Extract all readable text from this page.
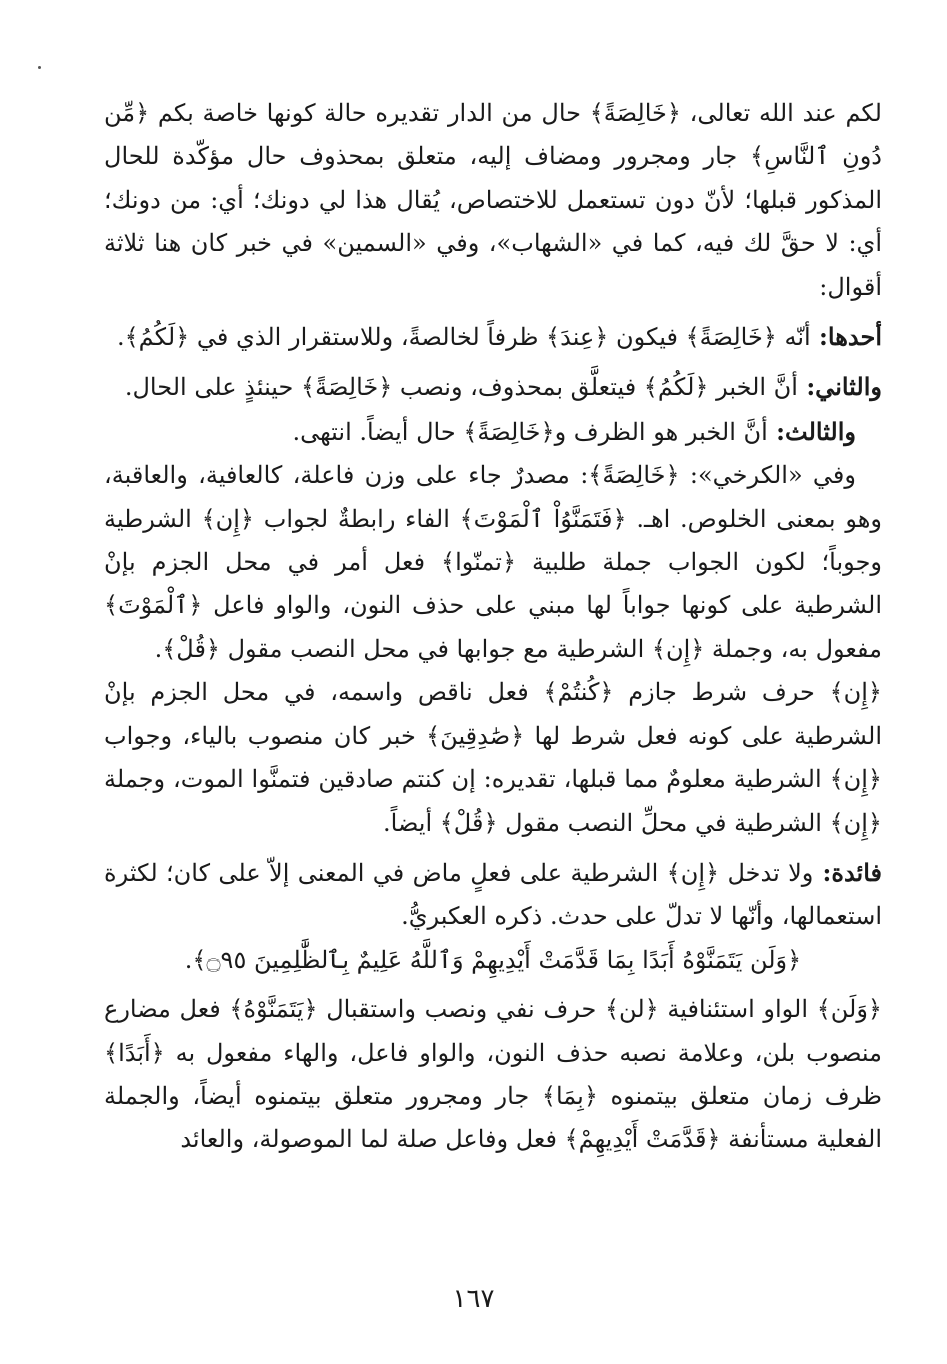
لكم عند الله تعالى، ﴿خَالِصَةً﴾ حال من الدار تقديره حالة كونها خاصة بكم ﴿مِّن دُونِ ٱلنَّاسِ﴾ جار ومجرور ومضاف إليه، متعلق بمحذوف حال مؤكّدة للحال المذكور قبلها؛ لأنّ دون تستعمل للاختصاص، يُقال هذا لي دونك؛ أي: من دونك؛ أي: لا حقَّ لك فيه، كما في «الشهاب»، وفي «السمين» في خبر كان هنا ثلاثة أقوال:

أحدها: أنّه ﴿خَالِصَةً﴾ فيكون ﴿عِندَ﴾ ظرفاً لخالصةً، وللاستقرار الذي في ﴿لَكُمُ﴾.

والثاني: أنَّ الخبر ﴿لَكُمُ﴾ فيتعلَّق بمحذوف، ونصب ﴿خَالِصَةً﴾ حينئذٍ على الحال.

والثالث: أنَّ الخبر هو الظرف و﴿خَالِصَةً﴾ حال أيضاً. انتهى.

وفي «الكرخي»: ﴿خَالِصَةً﴾: مصدرٌ جاء على وزن فاعلة، كالعافية، والعاقبة، وهو بمعنى الخلوص. اهـ. ﴿فَتَمَنَّوُاْ ٱلْمَوْتَ﴾ الفاء رابطةٌ لجواب ﴿إِن﴾ الشرطية وجوباً؛ لكون الجواب جملة طلبية ﴿تمنّوا﴾ فعل أمر في محل الجزم بإنْ الشرطية على كونها جواباً لها مبني على حذف النون، والواو فاعل ﴿ٱلْمَوْتَ﴾ مفعول به، وجملة ﴿إِن﴾ الشرطية مع جوابها في محل النصب مقول ﴿قُلْ﴾.

﴿إِن﴾ حرف شرط جازم ﴿كُنتُمْ﴾ فعل ناقص واسمه، في محل الجزم بإنْ الشرطية على كونه فعل شرط لها ﴿صَٰدِقِينَ﴾ خبر كان منصوب بالياء، وجواب ﴿إِن﴾ الشرطية معلومٌ مما قبلها، تقديره: إن كنتم صادقين فتمنَّوا الموت، وجملة ﴿إِن﴾ الشرطية في محلِّ النصب مقول ﴿قُلْ﴾ أيضاً.

فائدة: ولا تدخل ﴿إِن﴾ الشرطية على فعلٍ ماض في المعنى إلاّ على كان؛ لكثرة استعمالها، وأنّها لا تدلّ على حدث. ذكره العكبريُّ.

﴿وَلَن يَتَمَنَّوْهُ أَبَدًا بِمَا قَدَّمَتْ أَيْدِيهِمْ وَٱللَّهُ عَلِيمٌ بِٱلظَّٰلِمِينَ ۝٩٥﴾.

﴿وَلَن﴾ الواو استئنافية ﴿لن﴾ حرف نفي ونصب واستقبال ﴿يَتَمَنَّوْهُ﴾ فعل مضارع منصوب بلن، وعلامة نصبه حذف النون، والواو فاعل، والهاء مفعول به ﴿أَبَدًا﴾ ظرف زمان متعلق بيتمنوه ﴿بِمَا﴾ جار ومجرور متعلق بيتمنوه أيضاً، والجملة الفعلية مستأنفة ﴿قَدَّمَتْ أَيْدِيهِمْ﴾ فعل وفاعل صلة لما الموصولة، والعائد

١٦٧
